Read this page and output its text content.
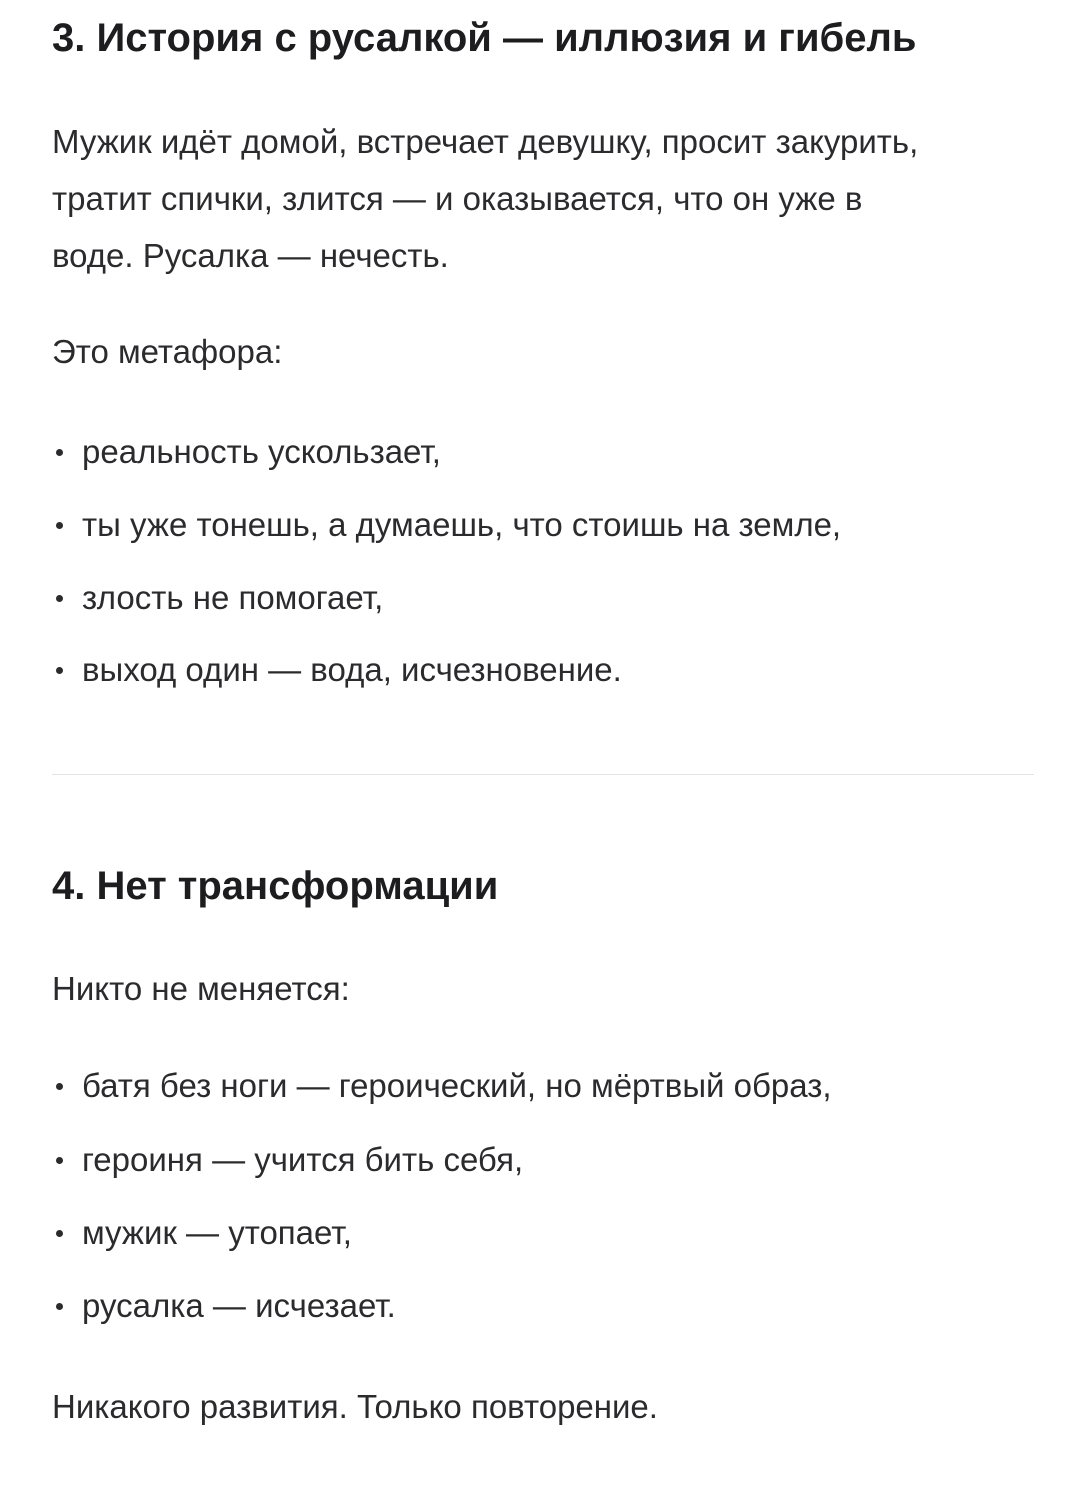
3. История с русалкой — иллюзия и гибель

Мужик идёт домой, встречает девушку, просит закурить,

тратит спички, злится — и оказывается, что он уже в

воде. Русалка — нечесть.

Это метафора:

реальность ускользает,
ты уже тонешь, а думаешь, что стоишь на земле,
злость не помогает,
выход один — вода, исчезновение.
4. Нет трансформации

Никто не меняется:

батя без ноги — героический, но мёртвый образ,
героиня — учится бить себя,
мужик — утопает,
русалка — исчезает.

Никакого развития. Только повторение.
